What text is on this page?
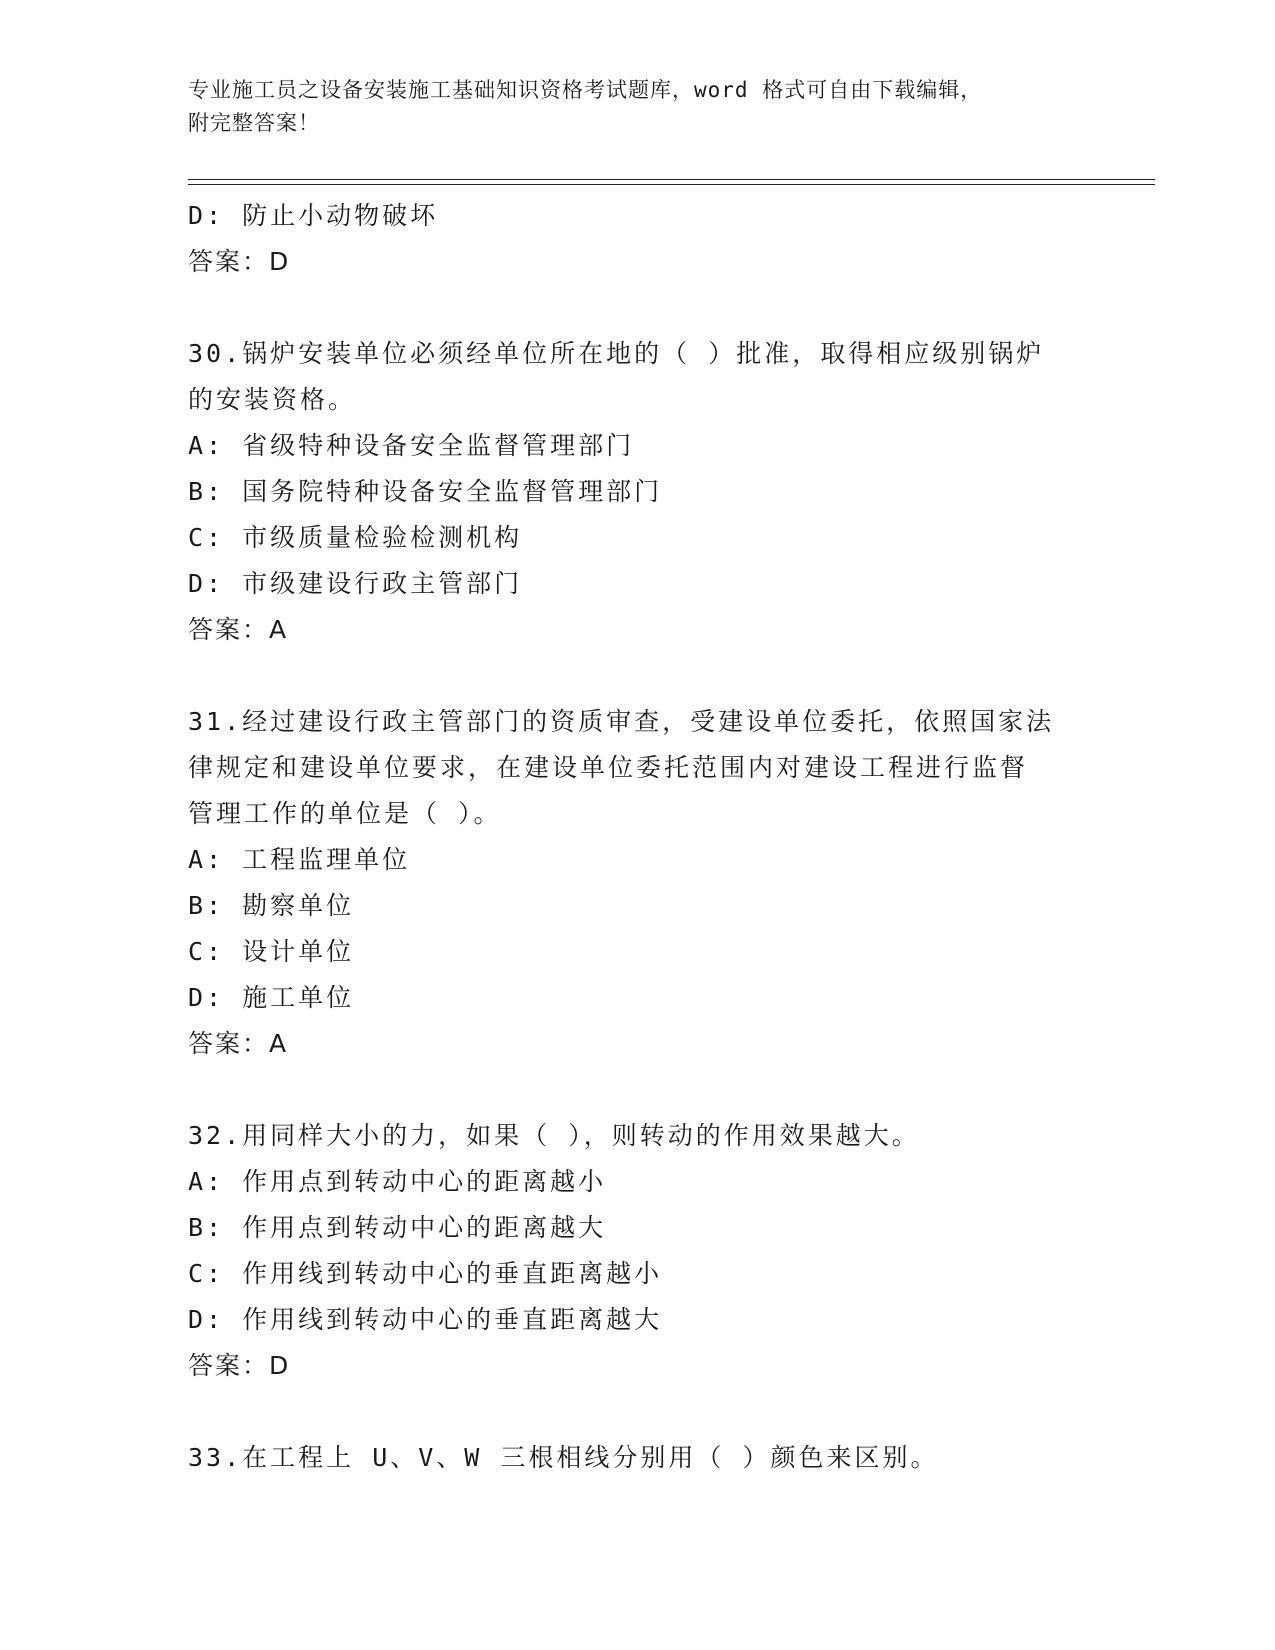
专业施工员之设备安装施工基础知识资格考试题库，word 格式可自由下载编辑，
附完整答案！
D: 防止小动物破坏
答案：D
30.锅炉安装单位必须经单位所在地的（ ）批准，取得相应级别锅炉
的安装资格。
A: 省级特种设备安全监督管理部门
B: 国务院特种设备安全监督管理部门
C: 市级质量检验检测机构
D: 市级建设行政主管部门
答案：A
31.经过建设行政主管部门的资质审查，受建设单位委托，依照国家法
律规定和建设单位要求，在建设单位委托范围内对建设工程进行监督
管理工作的单位是（ ）。
A: 工程监理单位
B: 勘察单位
C: 设计单位
D: 施工单位
答案：A
32.用同样大小的力，如果（ ），则转动的作用效果越大。
A: 作用点到转动中心的距离越小
B: 作用点到转动中心的距离越大
C: 作用线到转动中心的垂直距离越小
D: 作用线到转动中心的垂直距离越大
答案：D
33.在工程上 U、V、W 三根相线分别用（ ）颜色来区别。
